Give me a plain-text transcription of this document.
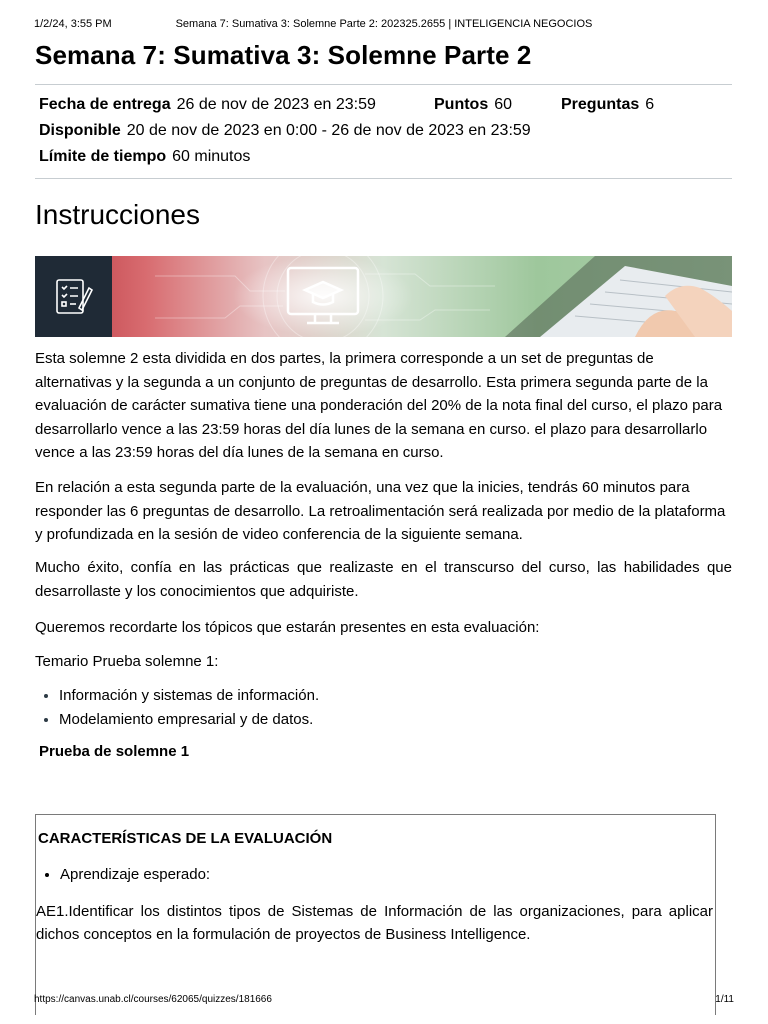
1/2/24, 3:55 PM	Semana 7: Sumativa 3: Solemne Parte 2: 202325.2655 | INTELIGENCIA NEGOCIOS
Semana 7: Sumativa 3: Solemne Parte 2
Fecha de entrega 26 de nov de 2023 en 23:59	Puntos 60	Preguntas 6
Disponible 20 de nov de 2023 en 0:00 - 26 de nov de 2023 en 23:59
Límite de tiempo 60 minutos
Instrucciones

Esta solemne 2 esta dividida en dos partes, la primera corresponde a un set de preguntas de alternativas y la segunda a un conjunto de preguntas de desarrollo. Esta primera segunda parte de la evaluación de carácter sumativa tiene una ponderación del 20% de la nota final del curso, el plazo para desarrollarlo vence a las 23:59 horas del día lunes de la semana en curso. el plazo para desarrollarlo vence a las 23:59 horas del día lunes de la semana en curso.

En relación a esta segunda parte de la evaluación, una vez que la inicies, tendrás 60 minutos para responder las 6 preguntas de desarrollo. La retroalimentación será realizada por medio de la plataforma y profundizada en la sesión de video conferencia de la siguiente semana.

Mucho éxito, confía en las prácticas que realizaste en el transcurso del curso, las habilidades que desarrollaste y los conocimientos que adquiriste.

Queremos recordarte los tópicos que estarán presentes en esta evaluación:

Temario Prueba solemne 1:

• Información y sistemas de información.
• Modelamiento empresarial y de datos.

Prueba de solemne 1

CARACTERÍSTICAS DE LA EVALUACIÓN

• Aprendizaje esperado:

AE1.Identificar los distintos tipos de Sistemas de Información de las organizaciones, para aplicar dichos conceptos en la formulación de proyectos de Business Intelligence.

https://canvas.unab.cl/courses/62065/quizzes/181666	1/11
